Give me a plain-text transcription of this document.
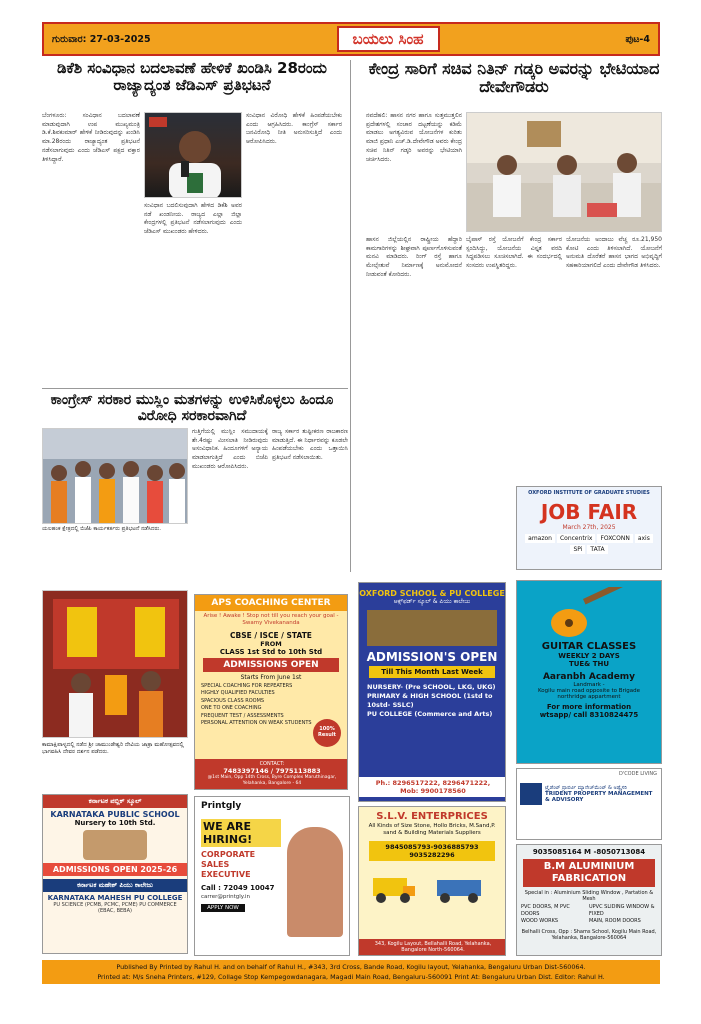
ಗುರುವಾರ: 27-03-2025	ಬಯಲು ಸಿಂಹ	ಪುಟ-4
ಡಿಕೆಶಿ ಸಂವಿಧಾನ ಬದಲಾವಣೆ ಹೇಳಿಕೆ ಖಂಡಿಸಿ 28ರಂದು ರಾಜ್ಯಾದ್ಯಂತ ಜೆಡಿಎಸ್ ಪ್ರತಿಭಟನೆ

ಬೆಂಗಳೂರು: ಸಂವಿಧಾನ ಬದಲಾವಣೆ ಮಾಡುವುದಾಗಿ ಉಪ ಮುಖ್ಯಮಂತ್ರಿ ಡಿ.ಕೆ.ಶಿವಕುಮಾರ್ ಹೇಳಿಕೆ ನೀಡಿರುವುದನ್ನು ಖಂಡಿಸಿ ಮಾ.28ರಂದು ರಾಜ್ಯಾದ್ಯಂತ ಪ್ರತಿಭಟನೆ ನಡೆಸಲಾಗುವುದು ಎಂದು ಜೆಡಿಎಸ್ ಪಕ್ಷದ ವಕ್ತಾರ ತಿಳಿಸಿದ್ದಾರೆ.

ಸಂವಿಧಾನ ಬದಲಿಸುವುದಾಗಿ ಹೇಳಿದ ಡಿಕೆಶಿ ಅವರ ನಡೆ ಖಂಡನೀಯ. ರಾಜ್ಯದ ಎಲ್ಲಾ ಜಿಲ್ಲಾ ಕೇಂದ್ರಗಳಲ್ಲಿ ಪ್ರತಿಭಟನೆ ನಡೆಸಲಾಗುವುದು ಎಂದು ಜೆಡಿಎಸ್ ಮುಖಂಡರು ಹೇಳಿದರು.

ಸಂವಿಧಾನ ವಿರೋಧಿ ಹೇಳಿಕೆ ಹಿಂಪಡೆಯಬೇಕು ಎಂದು ಆಗ್ರಹಿಸಿದರು. ಕಾಂಗ್ರೆಸ್ ಸರ್ಕಾರ ಜನವಿರೋಧಿ ನೀತಿ ಅನುಸರಿಸುತ್ತಿದೆ ಎಂದು ಆರೋಪಿಸಿದರು.

ಕೇಂದ್ರ ಸಾರಿಗೆ ಸಚಿವ ನಿತಿನ್ ಗಡ್ಕರಿ ಅವರನ್ನು ಭೇಟಿಯಾದ ದೇವೇಗೌಡರು

ನವದೆಹಲಿ: ಹಾಸನ ನಗರ ಹಾಗೂ ಸುತ್ತಮುತ್ತಲಿನ ಪ್ರದೇಶಗಳಲ್ಲಿ ಸಂಚಾರ ದಟ್ಟಣೆಯನ್ನು ಕಡಿಮೆ ಮಾಡಲು ಅಗತ್ಯವಿರುವ ಯೋಜನೆಗಳ ಕುರಿತು ಮಾಜಿ ಪ್ರಧಾನಿ ಎಚ್.ಡಿ.ದೇವೇಗೌಡ ಅವರು ಕೇಂದ್ರ ಸಚಿವ ನಿತಿನ್ ಗಡ್ಕರಿ ಅವರನ್ನು ಭೇಟಿಯಾಗಿ ಚರ್ಚಿಸಿದರು.

ಹಾಸನ ಜಿಲ್ಲೆಯಲ್ಲಿನ ರಾಷ್ಟ್ರೀಯ ಹೆದ್ದಾರಿ ಕಾಮಗಾರಿಗಳನ್ನು ಶೀಘ್ರವಾಗಿ ಪೂರ್ಣಗೊಳಿಸುವಂತೆ ಮನವಿ ಮಾಡಿದರು. ರಿಂಗ್ ರಸ್ತೆ ಹಾಗೂ ಮೇಲ್ಸೇತುವೆ ನಿರ್ಮಾಣಕ್ಕೆ ಅನುಮೋದನೆ ನೀಡುವಂತೆ ಕೋರಿದರು.

ಬೈಪಾಸ್ ರಸ್ತೆ ಯೋಜನೆಗೆ ಕೇಂದ್ರ ಸರ್ಕಾರ ಸ್ಪಂದಿಸಿದ್ದು, ಯೋಜನೆಯ ವಿಸ್ತೃತ ವರದಿ ಸಿದ್ಧಪಡಿಸಲು ಸೂಚಿಸಲಾಗಿದೆ. ಈ ಸಂದರ್ಭದಲ್ಲಿ ಸಂಸದರು ಉಪಸ್ಥಿತರಿದ್ದರು.

ಯೋಜನೆಯ ಅಂದಾಜು ವೆಚ್ಚ ರೂ.21,950 ಕೋಟಿ ಎಂದು ತಿಳಿಸಲಾಗಿದೆ. ಯೋಜನೆಗೆ ಅನುಮತಿ ದೊರೆತರೆ ಹಾಸನ ಭಾಗದ ಅಭಿವೃದ್ಧಿಗೆ ಸಹಕಾರಿಯಾಗಲಿದೆ ಎಂದು ದೇವೇಗೌಡ ತಿಳಿಸಿದರು.

OXFORD INSTITUTE OF GRADUATE STUDIES
JOB FAIR
March 27th, 2025
amazon	Concentrix	FOXCONN	axis
SPi	TATA
ಕಾಂಗ್ರೇಸ್ ಸರಕಾರ ಮುಸ್ಲಿಂ ಮತಗಳನ್ನು ಉಳಿಸಿಕೊಳ್ಳಲು ಹಿಂದೂ ವಿರೋಧಿ ಸರಕಾರವಾಗಿದೆ
ಯಲಹಂಕ ಕ್ಷೇತ್ರದಲ್ಲಿ ಬಿಜೆಪಿ ಕಾರ್ಯಕರ್ತರು ಪ್ರತಿಭಟನೆ ನಡೆಸಿದರು.

ಗುತ್ತಿಗೆಯಲ್ಲಿ ಮುಸ್ಲಿಂ ಸಮುದಾಯಕ್ಕೆ ಶೇ.4ರಷ್ಟು ಮೀಸಲಾತಿ ನೀಡಿರುವುದು ಅಸಂವಿಧಾನಿಕ. ಹಿಂದೂಗಳಿಗೆ ಅನ್ಯಾಯ ಮಾಡಲಾಗುತ್ತಿದೆ ಎಂದು ಬಿಜೆಪಿ ಮುಖಂಡರು ಆರೋಪಿಸಿದರು.

ರಾಜ್ಯ ಸರ್ಕಾರ ತುಷ್ಟೀಕರಣ ರಾಜಕಾರಣ ಮಾಡುತ್ತಿದೆ. ಈ ನಿರ್ಧಾರವನ್ನು ಕೂಡಲೇ ಹಿಂಪಡೆಯಬೇಕು ಎಂದು ಒತ್ತಾಯಿಸಿ ಪ್ರತಿಭಟನೆ ನಡೆಸಲಾಯಿತು.

ಕಾಮಾಕ್ಷಿಪಾಳ್ಯದಲ್ಲಿ ನಡೆದ ಶ್ರೀ ಚಾಮುಂಡೇಶ್ವರಿ ದೇವಿಯ ಜಾತ್ರಾ ಮಹೋತ್ಸವದಲ್ಲಿ ಭಾಗವಹಿಸಿ ದೇವರ ದರ್ಶನ ಪಡೆದರು.
APS COACHING CENTER
Arise ! Awake ! Stop not till you reach your goal - Swamy Vivekananda
CBSE / ISCE / STATE
FROM
CLASS 1st Std to 10th Std
ADMISSIONS OPEN
Starts From June 1st
SPECIAL COACHING FOR REPEATERS
HIGHLY QUALIFIED FACULTIES
SPACIOUS CLASS ROOMS
ONE TO ONE COACHING
FREQUENT TEST / ASSESSMENTS
PERSONAL ATTENTION ON WEAK STUDENTS
100% Result
CONTACT:
7483397146 / 7975113883
@1st Main, Opp 14th Cross, Byre Complex Maruthinagar, Yelahanka, Bangalore - 64
OXFORD SCHOOL & PU COLLEGE
ಆಕ್ಸ್‌ಫರ್ಡ್ ಸ್ಕೂಲ್ & ಪಿಯು ಕಾಲೇಜು
ADMISSION'S OPEN
Till This Month Last Week
NURSERY- (Pre SCHOOL, LKG, UKG)
PRIMARY & HIGH SCHOOL (1std to 10std- SSLC)
PU COLLEGE (Commerce and Arts)
Ph.: 8296517222, 8296471222,
Mob: 9900178560
GUITAR CLASSES
WEEKLY 2 DAYS
TUE& THU
Aaranbh Academy
Landmark -
Kogilu main road opposite to Brigade northridge appartment
For more information
wtsapp/ call 8310824475
D'CODE LIVING
ಟ್ರೈಡೆಂಟ್ ಪ್ರಾಪರ್ಟಿ ಮ್ಯಾನೇಜ್‌ಮೆಂಟ್ & ಅಡ್ವೈಸರಿ
TRIDENT PROPERTY MANAGEMENT & ADVISORY
ಕರ್ನಾಟಕ ಪಬ್ಲಿಕ್ ಸ್ಕೂಲ್
KARNATAKA PUBLIC SCHOOL
Nursery to 10th Std.
ADMISSIONS OPEN 2025-26
ಕರ್ನಾಟಕ ಮಹೇಶ್ ಪಿಯು ಕಾಲೇಜು
KARNATAKA MAHESH PU COLLEGE
PU SCIENCE (PCMB, PCMC, PCME) PU COMMERCE (EBAC, BEBA)
Printgly
WE ARE HIRING!
CORPORATE SALES EXECUTIVE
Call : 72049 10047
carrer@printgly.in
APPLY NOW
S.L.V. ENTERPRICES
All Kinds of Size Stone, Hollo Bricks, M.Sand,P. sand & Building Materials Suppliers
9845085793-9036885793 9035282296
343, Kogilu Layout, Bellahalli Road, Yelahanka, Bangalore North-560064.
9035085164 M -8050713084
B.M ALUMINIUM FABRICATION
Special in : Aluminium Sliding Window , Partation & Mesh
PVC DOORS, M PVC DOORS
UPVC SLIDING WINDOW & FIXED
WOOD WORKS	MAIN, ROOM DOORS
Belhalli Cross, Opp : Shams School, Kogilu Main Road, Yelahanka, Bangalore-560064
Published By Printed by Rahul H. and on behalf of Rahul H., #343, 3rd Cross, Bande Road, Kogilu layout, Yelahanka, Bengaluru Urban Dist-560064.
Printed at: M/s Sneha Printers, #129, Collage Stop Kempegowdanagara, Magadi Main Road, Bengaluru-560091 Print At: Bengaluru Urban Dist. Editor: Rahul H.
